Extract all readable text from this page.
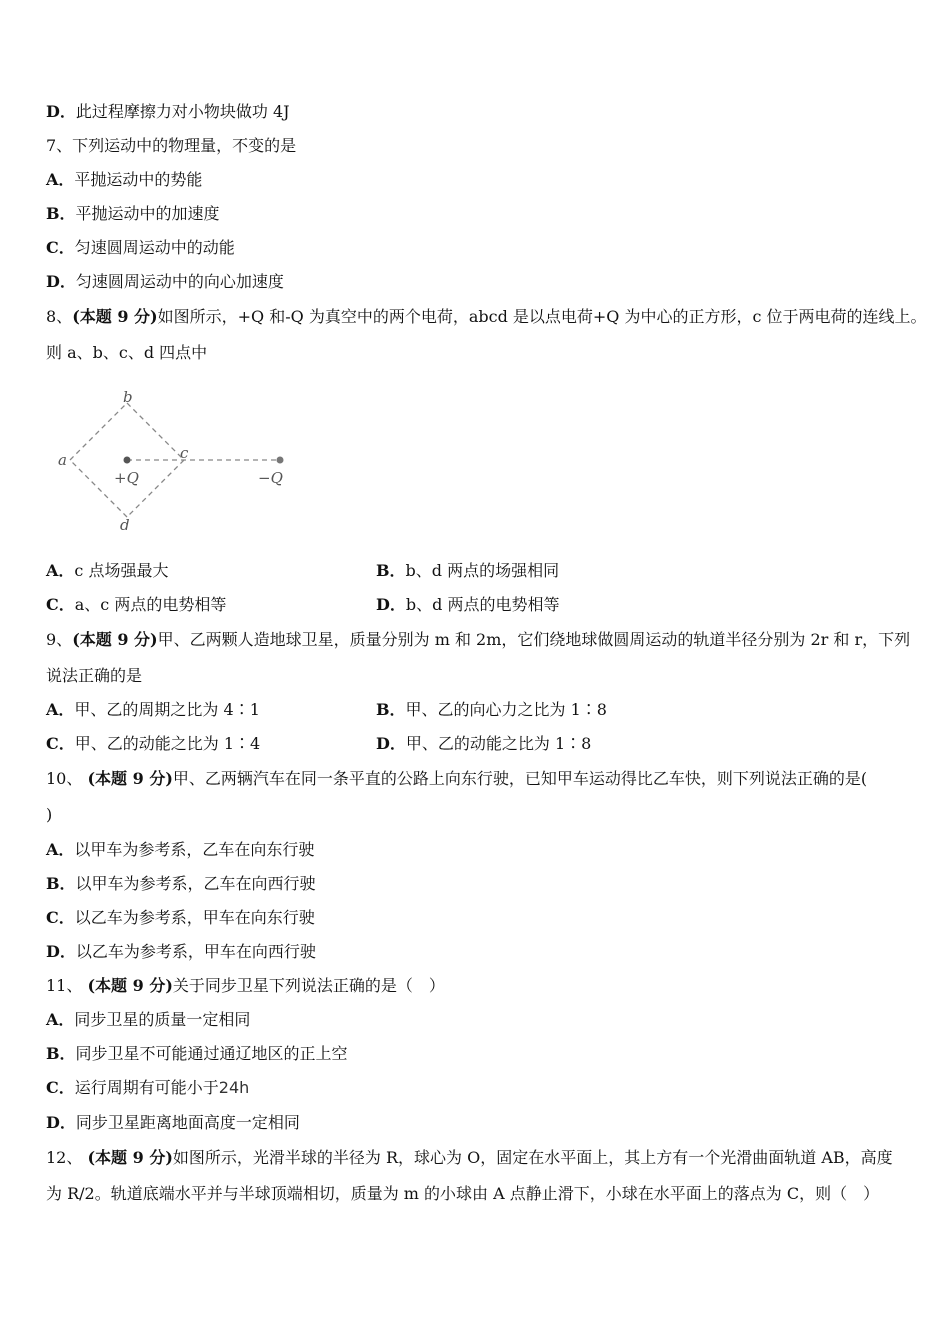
D．此过程摩擦力对小物块做功 4J
7、下列运动中的物理量，不变的是
A．平抛运动中的势能
B．平抛运动中的加速度
C．匀速圆周运动中的动能
D．匀速圆周运动中的向心加速度
8、(本题 9 分)如图所示，+Q 和-Q 为真空中的两个电荷，abcd 是以点电荷+Q 为中心的正方形，c 位于两电荷的连线上。
则 a、b、c、d 四点中
a
b
c
d
+Q	−Q
A．c 点场强最大	B．b、d 两点的场强相同
C．a、c 两点的电势相等	D．b、d 两点的电势相等
9、(本题 9 分)甲、乙两颗人造地球卫星，质量分别为 m 和 2m，它们绕地球做圆周运动的轨道半径分别为 2r 和 r，下列
说法正确的是
A．甲、乙的周期之比为 4∶1	B．甲、乙的向心力之比为 1∶8
C．甲、乙的动能之比为 1∶4	D．甲、乙的动能之比为 1∶8
10、 (本题 9 分)甲、乙两辆汽车在同一条平直的公路上向东行驶，已知甲车运动得比乙车快，则下列说法正确的是(
)
A．以甲车为参考系，乙车在向东行驶
B．以甲车为参考系，乙车在向西行驶
C．以乙车为参考系，甲车在向东行驶
D．以乙车为参考系，甲车在向西行驶
11、 (本题 9 分)关于同步卫星下列说法正确的是（　）
A．同步卫星的质量一定相同
B．同步卫星不可能通过通辽地区的正上空
C．运行周期有可能小于24h
D．同步卫星距离地面高度一定相同
12、 (本题 9 分)如图所示，光滑半球的半径为 R，球心为 O，固定在水平面上，其上方有一个光滑曲面轨道 AB，高度
为 R/2。轨道底端水平并与半球顶端相切，质量为 m 的小球由 A 点静止滑下，小球在水平面上的落点为 C，则（　）
